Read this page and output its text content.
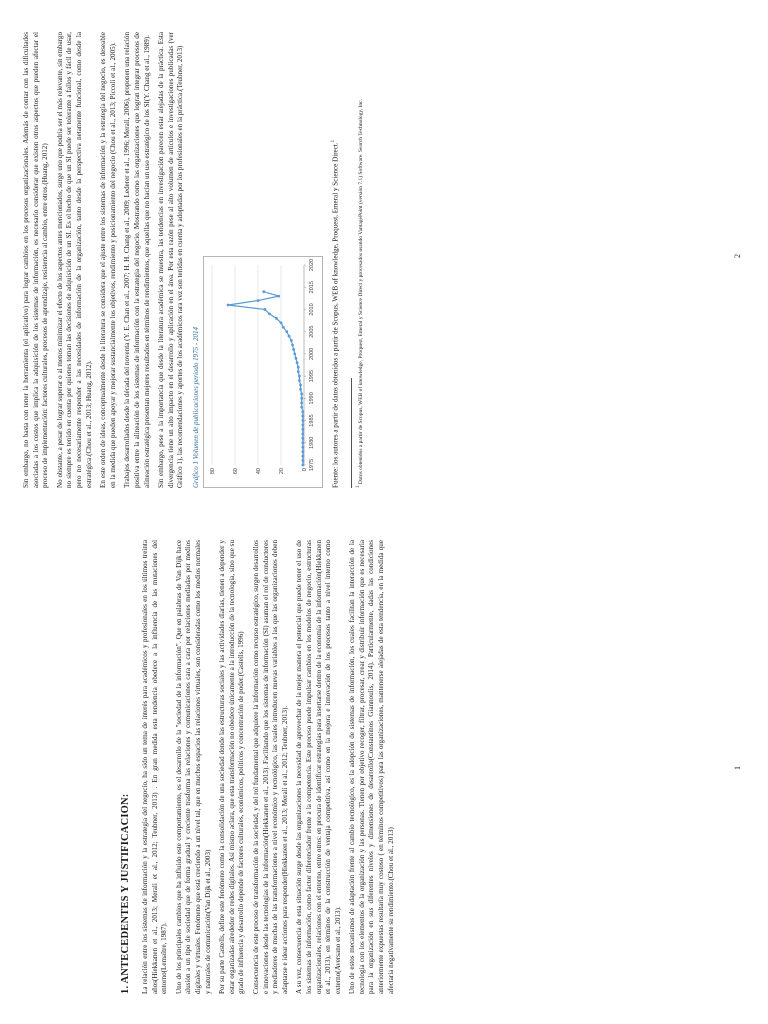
1. ANTECEDENTES Y JUSTIFICACIÓN: La relación entre los sistemas de información y la estrategia del negocio, ha sido un tema de interés para académicos y profesionales en los últimos treinta años(Hiekkanen et al., 2013; Merali et al., 2012; Teubner, 2013) . En gran medida esta tendencia obedece a la influencia de las mutaciones del entorno(Lemaître, 1987). Uno de los principales cambios que ha influido este comportamiento, es el desarrollo de la "sociedad de la información". Que en palabras de Van Dijk hace alusión a un tipo de sociedad que de forma gradual y creciente trasforma las relaciones y comunicaciones cara a cara por relaciones mediadas por medios digitales y virtuales. Fenómeno que está creciendo a un nivel tal, que en muchos espacios las relaciones virtuales, son consideradas como los medios normales y naturales de comunicación(Van Dijk et al., 2003) Por su parte Castells, define este fenómeno como la consolidación de una sociedad donde las estructuras sociales y las actividades diarias, tienen a depender y estar organizadas alrededor de redes digitales. Así mismo aclara, que esta transformación no obedece únicamente a la introducción de la tecnología, sino que su grado de influencia y desarrollo depende de factores culturales, económicos, políticos y concentración de poder.(Castells, 1996) Consecuencia de este proceso de transformación de la sociedad, y del rol fundamental que adquiere la información como recurso estratégico, surgen desarrollos e innovaciones desde las tecnologías de la información(Hiekkanen et al., 2013). Facilitando que los sistemas de información (SI) asuman el rol de conductores y mediadores de muchas de las transformaciones a nivel económico y tecnológico, las cuales introducen nuevas variables a las que las organizaciones deben adaptarse e idear acciones para responder(Hiekkanen et al., 2013; Merali et al., 2012; Teubner, 2013). A su vez, consecuencia de esta situación surge desde las organizaciones la necesidad de aprovechar de la mejor manera el potencial que puede tener el uso de los sistemas de información, como factor diferenciador frente a la competencia. Este proceso puede impulsar cambios en los modelos de negocio, estructuras organizacionales, relaciones con el entorno, entre otros: en procura de identificar estrategias para insertarse dentro de la economía de la información(Hiekkanen et al., 2013), en términos de la construcción de ventaja competitiva, así como en la mejora e innovación de los procesos tanto a nivel interno como externo(Aversano et al., 2013). Uno de estos mecanismos de adaptación frente al cambio tecnológico, es la adopción de sistemas de información, los cuales facilitan la interacción de la tecnología con los elementos de la organización y las personas. Tienen por objetivo recoger, filtrar, procesar, crear y distribuir información que es necesaria para la organización en sus diferentes niveles y dimensiones de desarrollo(Constantinos Giannoulis, 2014). Particularmente, dadas las condiciones anteriormente expuestas resultaría muy costoso ( en términos competitivos) para las organizaciones, mantenerse alejadas de esta tendencia, en la medida que afectaría negativamente su rendimiento.(Chou et al., 2013)

1

Sin embargo, no basta con tener la herramienta (el aplicativo) para lograr cambios en los procesos organizacionales. Además de contar con las dificultades asociadas a los costos que implica la adquisición de los sistemas de información, es necesario considerar que existen otros aspectos que pueden afectar el proceso de implementación: factores culturales, procesos de aprendizaje, resistencia al cambio, entre otros.(Huang, 2012) No obstante, a pesar de lograr superar o al menos minimizar el efecto de los aspectos antes mencionados, surge uno que podría ser el más relevante, sin embargo no siempre es tenido en cuenta por quienes toman las decisiones de adquisición de un SI. Es el hecho de que un SI puede ser tolerante a fallos y fácil de usar, pero no necesariamente responder a las necesidades de información de la organización, tanto desde la perspectiva netamente funcional, como desde la estratégica.(Chou et al., 2013; Huang, 2012). En este orden de ideas, conceptualmente desde la literatura se considera que el ajuste entre los sistemas de información y la estrategia del negocio, es deseable en la medida que pueden apoyar y mejorar sustancialmente los objetivos, rendimiento y posicionamiento del negocio (Chou et al., 2013; Piccoli et al., 2005). Trabajos desarrollados desde la década del noventa (Y. E. Chan et al., 2007; H. H. Chang et al., 2009; Lederer et al., 1996; Merali, 2006), proponen una relación positiva entre la alineación de los sistemas de información con la estrategia del negocio. Mostrando como las organizaciones que logran integrar procesos de alineación estratégica presentan mejores resultados en términos de rendimientos, que aquellas que no hacían un uso estratégico de los SI(Y. Chang et al., 1989). Sin embargo, pese a la importancia que desde la literatura académica se muestra, las tendencias en investigación parecen estar alejadas de la práctica. Esta divergencia tiene un alto impacto en el desarrollo y aplicación en el área. Por esta razón pese al alto volumen de artículos e investigaciones publicadas (ver Gráfico 1), las recomendaciones y aportes de los académicos rara vez son tenidas en cuenta y adoptadas por los profesionales en la práctica.(Teubner, 2013) Gráfico 1 Volumen de publicaciones periodo 1975 - 2014	0
20
40
60
80	1975
1980
1985
1990
1995
2000
2005
2010
2015
2020	Fuente: los autores a partir de datos obtenidos a partir de Scopus, WEB of knowledge, Proquest, Emeral y Science Direct.$^1$

$^1$ Datos obtenidos a partir de Scopus, WEB of knowledge, Proquest, Emeral y Science Direct y procesados usando VantagePoint (versión 7.1) Software. Search Technology, Inc.	2
